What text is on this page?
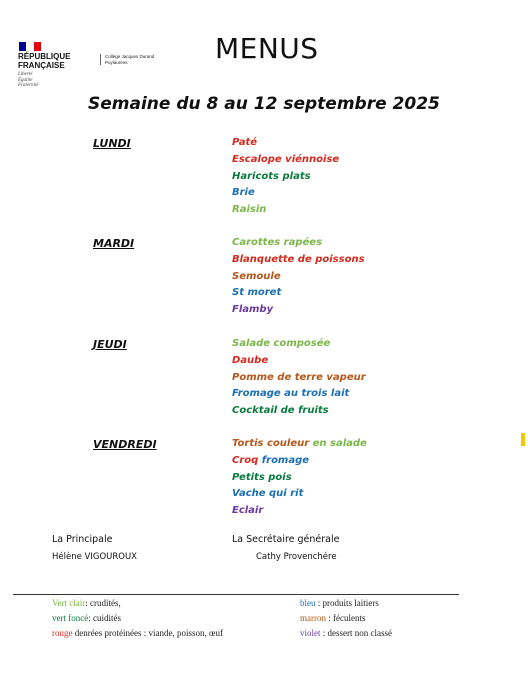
RÉPUBLIQUE
FRANÇAISE
Liberté
Égalité
Fraternité
Collège Jacques Durand
Puylaurens	MENUS
Semaine du 8 au 12 septembre 2025
LUNDI
MARDI
JEUDI
VENDREDI
Paté
Escalope viénnoise
Haricots plats
Brie
Raisin
Carottes rapées
Blanquette de poissons
Semoule
St moret
Flamby
Salade composée
Daube
Pomme de terre vapeur
Fromage au trois lait
Cocktail de fruits
Tortis couleur en salade
Croq fromage
Petits pois
Vache qui rit
Eclair
La Principale
Hélène VIGOUROUX
La Secrétaire générale
Cathy Provenchére
Vert clair: crudités,
vert foncé: cuidités
rouge denrées protéinées : viande, poisson, œuf
bleu : produits laitiers
marron : féculents
violet : dessert non classé
